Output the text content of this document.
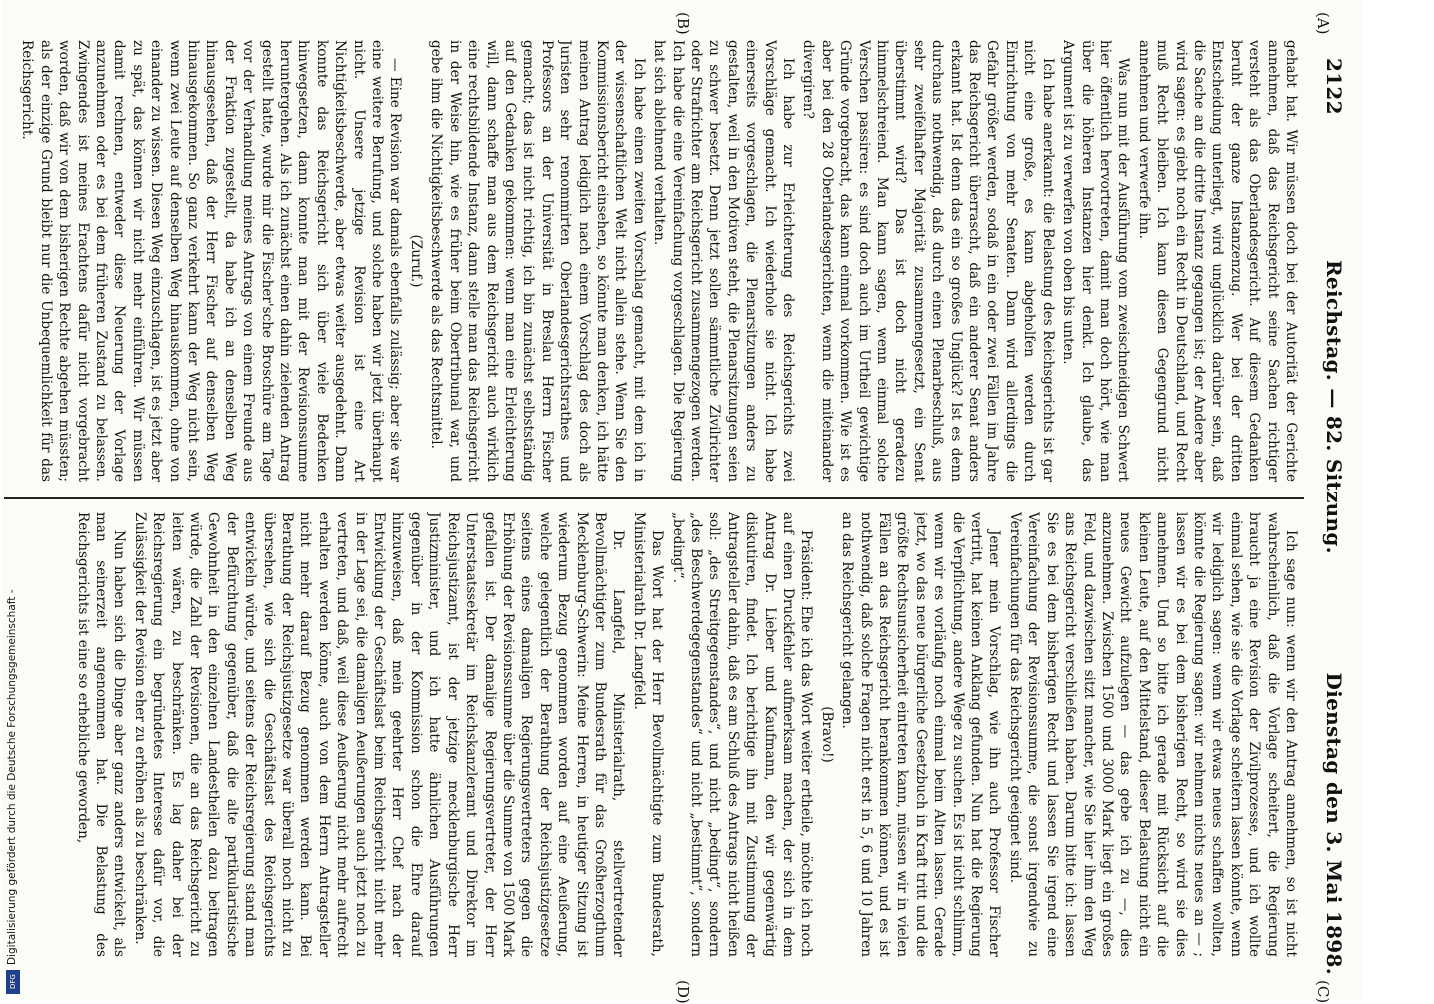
2122
Reichstag. — 82. Sitzung.
Dienstag den 3. Mai 1898.
(A)
(B)
(C)
(D)

gehabt hat. Wir müssen doch bei der Autorität der Gerichte annehmen, daß das Reichsgericht seine Sachen richtiger versteht als das Oberlandesgericht. Auf diesem Gedanken beruht der ganze Instanzenzug. Wer bei der dritten Entscheidung unterliegt, wird unglücklich darüber sein, daß die Sache an die dritte Instanz gegangen ist; der Andere aber wird sagen: es giebt noch ein Recht in Deutschland, und Recht muß Recht bleiben. Ich kann diesen Gegengrund nicht annehmen und verwerfe ihn.

Was nun mit der Ausführung vom zweischneidigen Schwert hier öffentlich hervortreten, damit man doch hört, wie man über die höheren Instanzen hier denkt. Ich glaube, das Argument ist zu verwerfen von oben bis unten.

Ich habe anerkannt: die Belastung des Reichsgerichts ist gar nicht eine große, es kann abgeholfen werden durch Einrichtung von mehr Senaten. Dann wird allerdings die Gefahr größer werden, sodaß in ein oder zwei Fällen im Jahre das Reichsgericht überrascht, daß ein anderer Senat anders erkannt hat. Ist denn das ein so großes Unglück? Ist es denn durchaus nothwendig, daß durch einen Plenarbeschluß, aus sehr zweifelhafter Majorität zusammengesetzt, ein Senat überstimmt wird? Das ist doch nicht geradezu himmelschreiend. Man kann sagen, wenn einmal solche Verschen passiren: es sind doch auch im Urtheil gewichtige Gründe vorgebracht, das kann einmal vorkommen. Wie ist es aber bei den 28 Oberlandesgerichten, wenn die miteinander divergiren?

Ich habe zur Erleichterung des Reichsgerichts zwei Vorschläge gemacht. Ich wiederhole sie nicht. Ich habe einerseits vorgeschlagen, die Plenarsitzungen anders zu gestalten, weil in den Motiven steht, die Plenarsitzungen seien zu schwer besetzt. Denn jetzt sollen sämmtliche Zivilrichter oder Strafrichter am Reichsgericht zusammengezogen werden. Ich habe die eine Vereinfachung vorgeschlagen. Die Regierung hat sich ablehnend verhalten.

Ich habe einen zweiten Vorschlag gemacht, mit dem ich in der wissenschaftlichen Welt nicht allein stehe. Wenn Sie den Kommissionsbericht einsehen, so könnte man denken, ich hätte meinen Antrag lediglich nach einem Vorschlag des doch als Juristen sehr renommirten Oberlandesgerichtsrathes und Professors an der Universität in Breslau Herrn Fischer gemacht; das ist nicht richtig, ich bin zunächst selbstständig auf den Gedanken gekommen: wenn man eine Erleichterung will, dann schaffe man aus dem Reichsgericht auch wirklich eine rechtsbildende Instanz, dann stelle man das Reichsgericht in der Weise hin, wie es früher beim Obertribunal war, und gebe ihm die Nichtigkeitsbeschwerde als das Rechtsmittel.

(Zuruf.)

— Eine Revision war damals ebenfalls zulässig; aber sie war eine weitere Berufung, und solche haben wir jetzt überhaupt nicht. Unsere jetzige Revision ist eine Art Nichtigkeitsbeschwerde, aber etwas weiter ausgedehnt. Dann konnte das Reichsgericht sich über viele Bedenken hinwegsetzen, dann konnte man mit der Revisionssumme heruntergehen. Als ich zunächst einen dahin zielenden Antrag gestellt hatte, wurde mir die Fischer'sche Broschüre am Tage vor der Verhandlung meines Antrags von einem Freunde aus der Fraktion zugestellt, da habe ich an denselben Weg hinausgesehen, daß der Herr Fischer auf denselben Weg hinausgekommen. So ganz verkehrt kann der Weg nicht sein, wenn zwei Leute auf denselben Weg hinauskommen, ohne von einander zu wissen. Diesen Weg einzuschlagen, ist es jetzt aber zu spät, das können wir nicht mehr einführen. Wir müssen damit rechnen, entweder diese Neuerung der Vorlage anzunehmen oder es bei dem früheren Zustand zu belassen. Zwingendes ist meines Erachtens dafür nicht vorgebracht worden, daß wir von dem bisherigen Rechte abgehen müssten; als der einzige Grund bleibt nur die Unbequemlichkeit für das Reichsgericht.

Ich sage nun: wenn wir den Antrag annehmen, so ist nicht wahrscheinlich, daß die Vorlage scheitert, die Regierung braucht ja eine Revision der Zivilprozesse, und ich wollte einmal sehen, wie sie die Vorlage scheitern lassen könnte, wenn wir lediglich sagen: wenn wir etwas neues schaffen wollten, könnte die Regierung sagen: wir nehmen nichts neues an — ; lassen wir es bei dem bisherigen Recht, so wird sie dies annehmen. Und so bitte ich gerade mit Rücksicht auf die kleinen Leute, auf den Mittelstand, dieser Belastung nicht ein neues Gewicht aufzulegen — das gebe ich zu —, dies anzunehmen. Zwischen 1500 und 3000 Mark liegt ein großes Feld, und dazwischen sitzt mancher, wie Sie hier ihm den Weg ans Reichsgericht verschließen haben. Darum bitte ich: lassen Sie es bei dem bisherigen Recht und lassen Sie irgend eine Vereinfachung der Revisionssumme, die sonst irgendwie zu Vereinfachungen für das Reichsgericht geeignet sind.

Jener mein Vorschlag, wie ihn auch Professor Fischer vertritt, hat keinen Anklang gefunden. Nun hat die Regierung die Verpflichtung, andere Wege zu suchen. Es ist nicht schlimm, wenn wir es vorläufig noch einmal beim Alten lassen. Gerade jetzt, wo das neue bürgerliche Gesetzbuch in Kraft tritt und die größte Rechtsunsicherheit eintreten kann, müssen wir in vielen Fällen an das Reichsgericht herankommen können, und es ist nothwendig, daß solche Fragen nicht erst in 5, 6 und 10 Jahren an das Reichsgericht gelangen.

(Bravo!)

Präsident: Ehe ich das Wort weiter ertheile, möchte ich noch auf einen Druckfehler aufmerksam machen, der sich in dem Antrag Dr. Lieber und Kaufmann, den wir gegenwärtig diskutiren, findet. Ich berichtige ihn mit Zustimmung der Antragsteller dahin, daß es am Schluß des Antrags nicht heißen soll: „des Streitgegenstandes“, und nicht „bedingt“, sondern „des Beschwerdegegenstandes“ und nicht „bestimmt“, sondern „bedingt“.

Das Wort hat der Herr Bevollmächtigte zum Bundesrath, Ministerialrath Dr. Langfeld.

Dr. Langfeld, Ministerialrath, stellvertretender Bevollmächtigter zum Bundesrath für das Großherzogthum Mecklenburg-Schwerin: Meine Herren, in heutiger Sitzung ist wiederum Bezug genommen worden auf eine Aeußerung, welche gelegentlich der Berathung der Reichsjustizgesetze seitens eines damaligen Regierungsvertreters gegen die Erhöhung der Revisionssumme über die Summe von 1500 Mark gefallen ist. Der damalige Regierungsvertreter, der Herr Unterstaatssekretär im Reichskanzleramt und Direktor im Reichsjustizamt, ist der jetzige mecklenburgische Herr Justizminister, und ich hatte ähnlichen Ausführungen gegenüber in der Kommission schon die Ehre darauf hinzuweisen, daß mein geehrter Herr Chef nach der Entwicklung der Geschäftslast beim Reichsgericht nicht mehr in der Lage sei, die damaligen Aeußerungen auch jetzt noch zu vertreten, und daß, weil diese Aeußerung nicht mehr aufrecht erhalten werden könne, auch von dem Herrn Antragsteller nicht mehr darauf Bezug genommen werden kann. Bei Berathung der Reichsjustizgesetze war überall noch nicht zu übersehen, wie sich die Geschäftslast des Reichsgerichts entwickeln würde, und seitens der Reichsregierung stand man der Befürchtung gegenüber, daß die alte partikularistische Gewohnheit in den einzelnen Landestheilen dazu beitragen würde, die Zahl der Revisionen, die an das Reichsgericht zu leiten wären, zu beschränken. Es lag daher bei der Reichsregierung ein begründetes Interesse dafür vor, die Zulässigkeit der Revision eher zu erhöhen als zu beschränken.

Nun haben sich die Dinge aber ganz anders entwickelt, als man seinerzeit angenommen hat. Die Belastung des Reichsgerichts ist eine so erhebliche geworden,

Digitalisierung gefördert durch die Deutsche Forschungsgemeinschaft -
DFG
